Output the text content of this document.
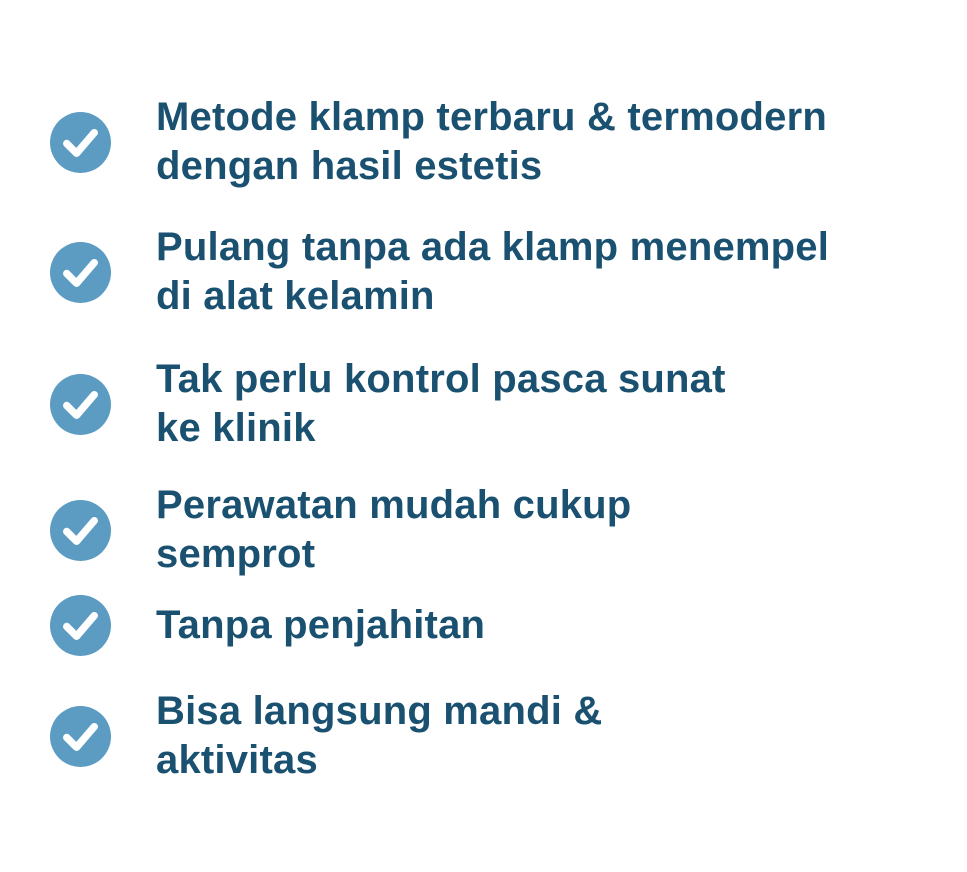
Metode klamp terbaru & termodern
dengan hasil estetis
Pulang tanpa ada klamp menempel
di alat kelamin
Tak perlu kontrol pasca sunat
ke klinik
Perawatan mudah cukup
semprot
Tanpa penjahitan
Bisa langsung mandi &
aktivitas
